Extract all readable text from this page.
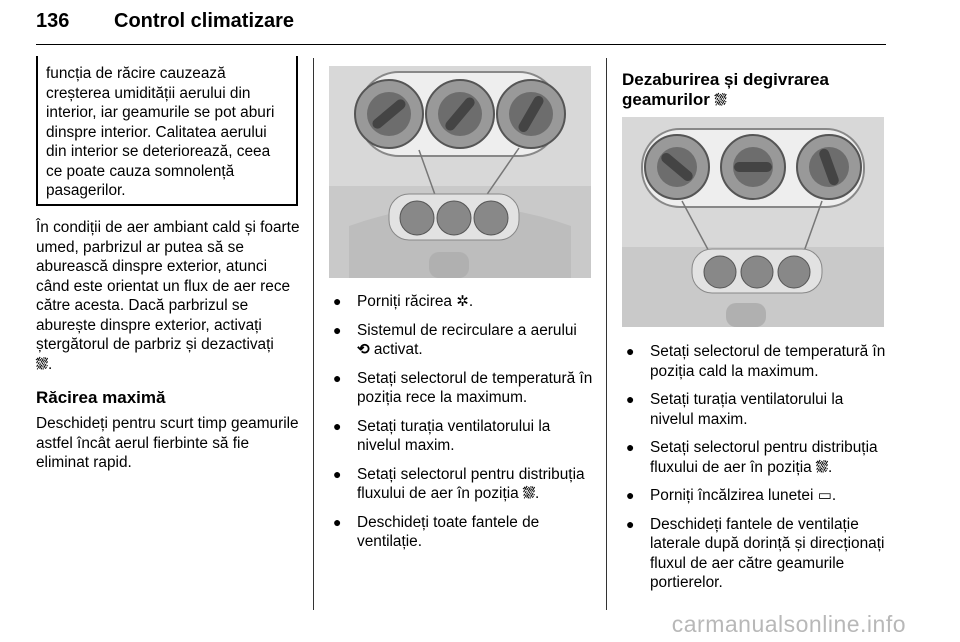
136 Control climatizare

funcția de răcire cauzează creșterea umidității aerului din interior, iar geamurile se pot aburi dinspre interior. Calitatea aerului din interior se deteriorează, ceea ce poate cauza somnolență pasagerilor.

În condiții de aer ambiant cald și foarte umed, parbrizul ar putea să se aburească dinspre exterior, atunci când este orientat un flux de aer rece către acesta. Dacă parbrizul se aburește dinspre exterior, activați ștergătorul de parbriz și dezactivați
⛆.

Răcirea maximă

Deschideți pentru scurt timp geamurile astfel încât aerul fierbinte să fie eliminat rapid.

● Porniți răcirea ✲.
● Sistemul de recirculare a aerului
⟲ activat.
● Setați selectorul de temperatură în poziția rece la maximum.
● Setați turația ventilatorului la nivelul maxim.
● Setați selectorul pentru distribuția fluxului de aer în poziția ⛆.
● Deschideți toate fantele de ventilație.

Dezaburirea și degivrarea geamurilor ⛆

● Setați selectorul de temperatură în poziția cald la maximum.
● Setați turația ventilatorului la nivelul maxim.
● Setați selectorul pentru distribuția fluxului de aer în poziția ⛆.
● Porniți încălzirea lunetei ▭.
● Deschideți fantele de ventilație laterale după dorință și direcționați fluxul de aer către geamurile portierelor.
carmanualsonline.info
